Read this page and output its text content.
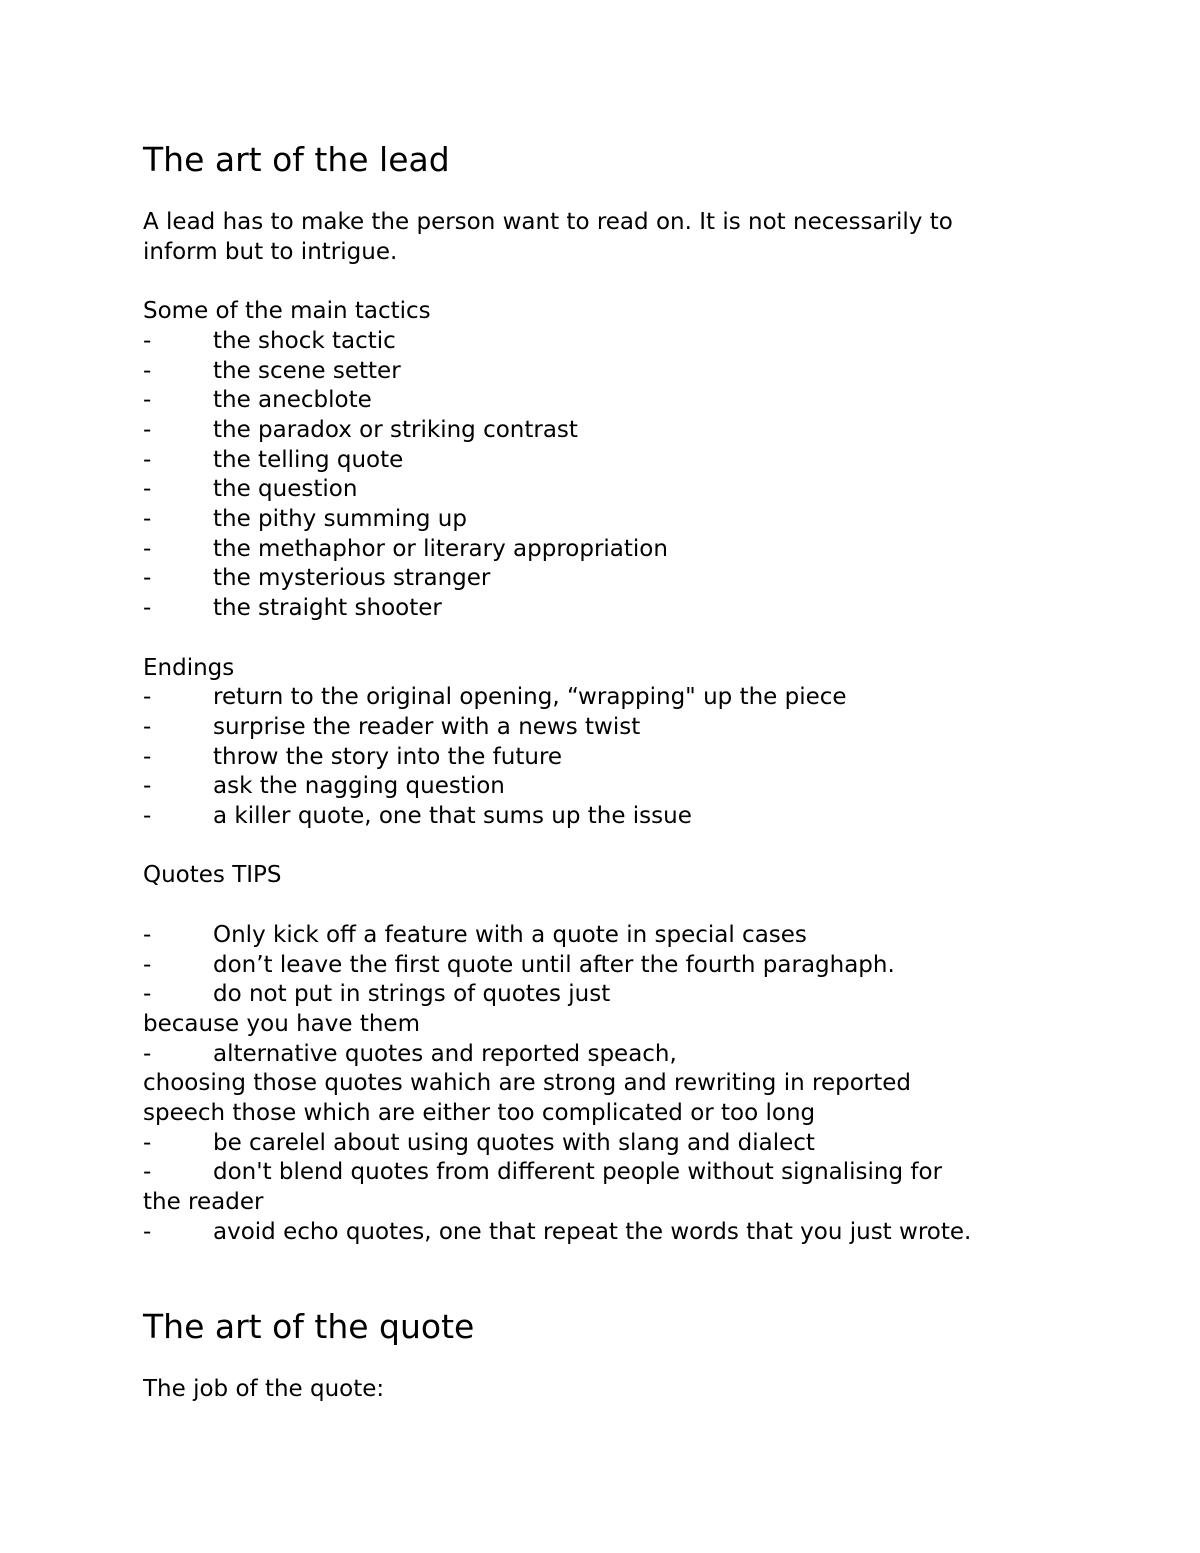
The art of the lead

A lead has to make the person want to read on. It is not necessarily to

inform but to intrigue.

Some of the main tactics

-	the shock tactic
-	the scene setter
-	the anecblote
-	the paradox or striking contrast
-	the telling quote
-	the question
-	the pithy summing up
-	the methaphor or literary appropriation
-	the mysterious stranger
-	the straight shooter

Endings

-	return to the original opening, “wrapping" up the piece
-	surprise the reader with a news twist
-	throw the story into the future
-	ask the nagging question
-	a killer quote, one that sums up the issue

Quotes TIPS

-	Only kick off a feature with a quote in special cases
-	don’t leave the first quote until after the fourth paraghaph.
-	do not put in strings of quotes just

because you have them

-	alternative quotes and reported speach,

choosing those quotes wahich are strong and rewriting in reported

speech those which are either too complicated or too long

-	be carelel about using quotes with slang and dialect
-	don't blend quotes from different people without signalising for

the reader

-	avoid echo quotes, one that repeat the words that you just wrote.
The art of the quote

The job of the quote:
